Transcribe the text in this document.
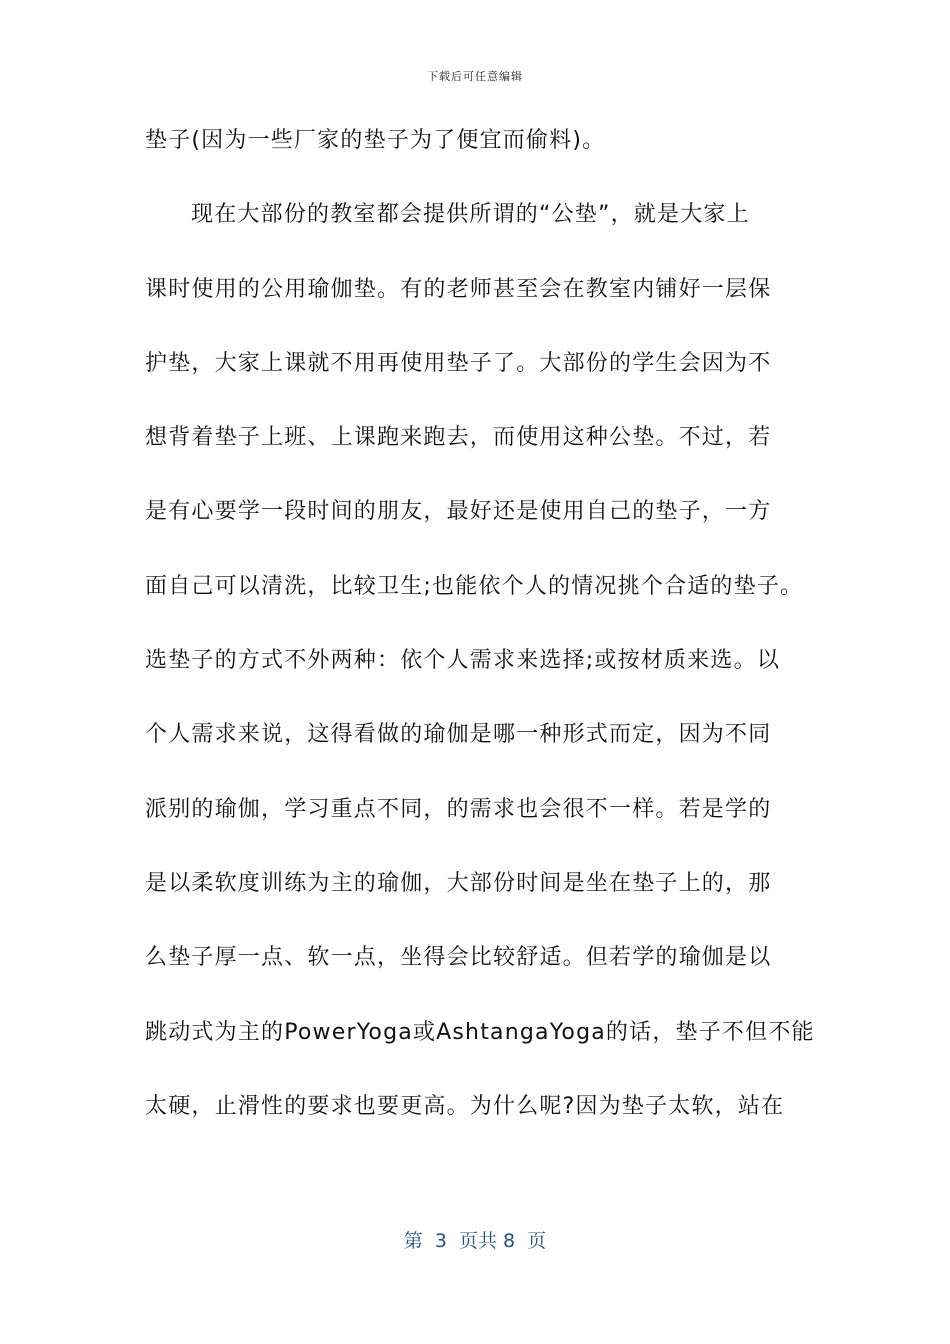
下载后可任意编辑
垫子(因为一些厂家的垫子为了便宜而偷料)。
现在大部份的教室都会提供所谓的“公垫”，就是大家上
课时使用的公用瑜伽垫。有的老师甚至会在教室内铺好一层保
护垫，大家上课就不用再使用垫子了。大部份的学生会因为不
想背着垫子上班、上课跑来跑去，而使用这种公垫。不过，若
是有心要学一段时间的朋友，最好还是使用自己的垫子，一方
面自己可以清洗，比较卫生;也能依个人的情况挑个合适的垫子。
选垫子的方式不外两种：依个人需求来选择;或按材质来选。以
个人需求来说，这得看做的瑜伽是哪一种形式而定，因为不同
派别的瑜伽，学习重点不同，的需求也会很不一样。若是学的
是以柔软度训练为主的瑜伽，大部份时间是坐在垫子上的，那
么垫子厚一点、软一点，坐得会比较舒适。但若学的瑜伽是以
跳动式为主的PowerYoga或AshtangaYoga的话，垫子不但不能
太硬，止滑性的要求也要更高。为什么呢?因为垫子太软，站在
第  3  页共 8  页
